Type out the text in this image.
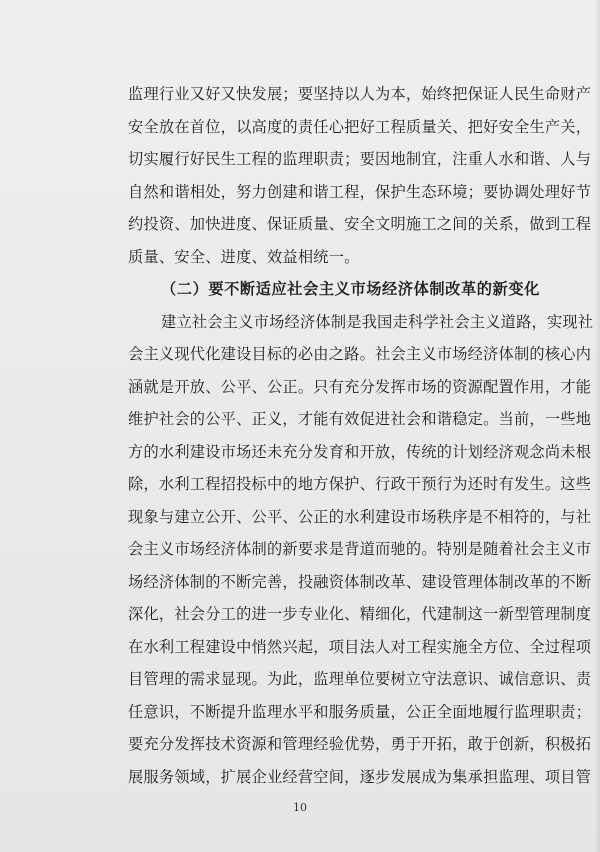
监理行业又好又快发展；要坚持以人为本，始终把保证人民生命财产
安全放在首位，以高度的责任心把好工程质量关、把好安全生产关，
切实履行好民生工程的监理职责；要因地制宜，注重人水和谐、人与
自然和谐相处，努力创建和谐工程，保护生态环境；要协调处理好节
约投资、加快进度、保证质量、安全文明施工之间的关系，做到工程
质量、安全、进度、效益相统一。
（二）要不断适应社会主义市场经济体制改革的新变化
建立社会主义市场经济体制是我国走科学社会主义道路，实现社
会主义现代化建设目标的必由之路。社会主义市场经济体制的核心内
涵就是开放、公平、公正。只有充分发挥市场的资源配置作用，才能
维护社会的公平、正义，才能有效促进社会和谐稳定。当前，一些地
方的水利建设市场还未充分发育和开放，传统的计划经济观念尚未根
除，水利工程招投标中的地方保护、行政干预行为还时有发生。这些
现象与建立公开、公平、公正的水利建设市场秩序是不相符的，与社
会主义市场经济体制的新要求是背道而驰的。特别是随着社会主义市
场经济体制的不断完善，投融资体制改革、建设管理体制改革的不断
深化，社会分工的进一步专业化、精细化，代建制这一新型管理制度
在水利工程建设中悄然兴起，项目法人对工程实施全方位、全过程项
目管理的需求显现。为此，监理单位要树立守法意识、诚信意识、责
任意识，不断提升监理水平和服务质量，公正全面地履行监理职责；
要充分发挥技术资源和管理经验优势，勇于开拓，敢于创新，积极拓
展服务领域，扩展企业经营空间，逐步发展成为集承担监理、项目管
10
